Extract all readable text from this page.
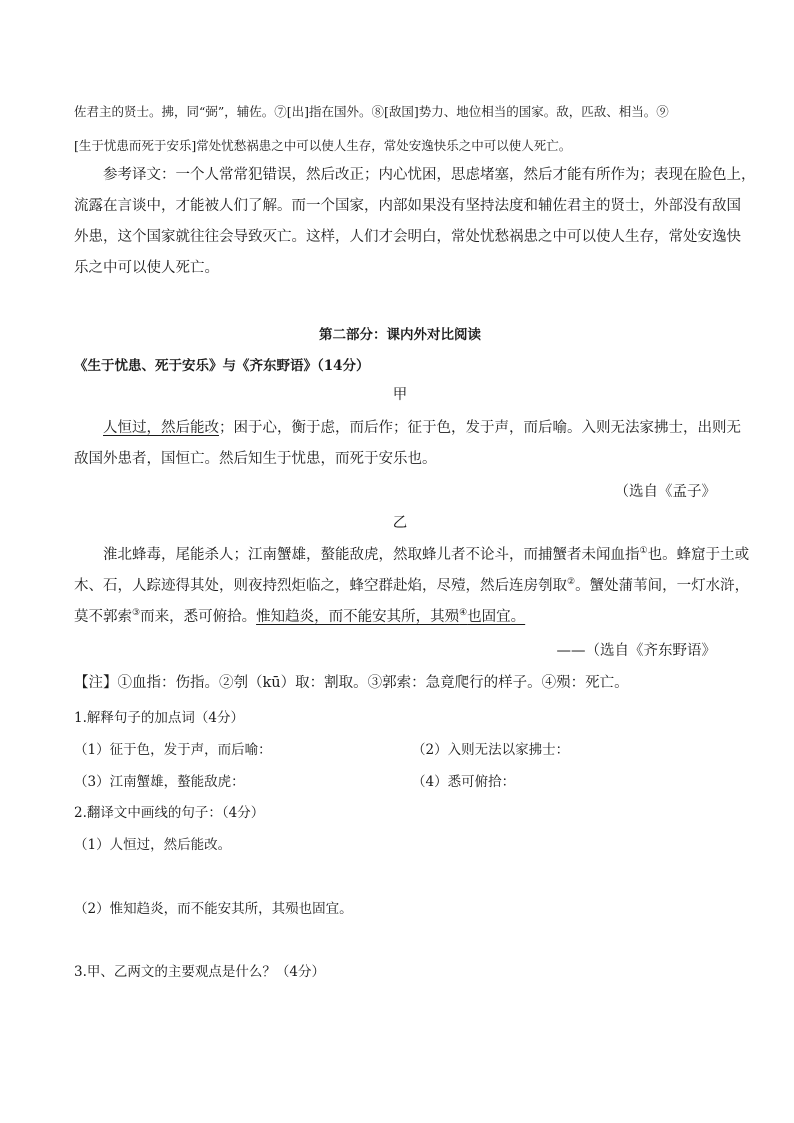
佐君主的贤士。拂，同“弼”，辅佐。⑦[出]指在国外。⑧[敌国]势力、地位相当的国家。敌，匹敌、相当。⑨

[生于忧患而死于安乐]常处忧愁祸患之中可以使人生存，常处安逸快乐之中可以使人死亡。

参考译文：一个人常常犯错误，然后改正；内心忧困，思虑堵塞，然后才能有所作为；表现在脸色上，

流露在言谈中，才能被人们了解。而一个国家，内部如果没有坚持法度和辅佐君主的贤士，外部没有敌国

外患，这个国家就往往会导致灭亡。这样，人们才会明白，常处忧愁祸患之中可以使人生存，常处安逸快

乐之中可以使人死亡。

第二部分：课内外对比阅读
《生于忧患、死于安乐》与《齐东野语》（14分）
甲

人恒过，然后能改；困于心，衡于虑，而后作；征于色，发于声，而后喻。入则无法家拂士，出则无

敌国外患者，国恒亡。然后知生于忧患，而死于安乐也。

（选自《孟子》
乙

淮北蜂毒，尾能杀人；江南蟹雄，螯能敌虎，然取蜂儿者不论斗，而捕蟹者未闻血指①也。蜂窟于土或

木、石，人踪迹得其处，则夜持烈炬临之，蜂空群赴焰，尽殪，然后连房刳取②。蟹处蒲苇间，一灯水浒，

莫不郭索③而来，悉可俯拾。惟知趋炎，而不能安其所，其殒④也固宜。

——（选自《齐东野语》
【注】①血指：伤指。②刳（kū）取：割取。③郭索：急竟爬行的样子。④殒：死亡。
1.解释句子的加点词（4分）
（1）征于色，发于声，而后喻：	（2）入则无法以家拂士：
（3）江南蟹雄，螯能敌虎：	（4）悉可俯拾：
2.翻译文中画线的句子：（4分）
（1）人恒过，然后能改。
（2）惟知趋炎，而不能安其所，其殒也固宜。
3.甲、乙两文的主要观点是什么？（4分）
